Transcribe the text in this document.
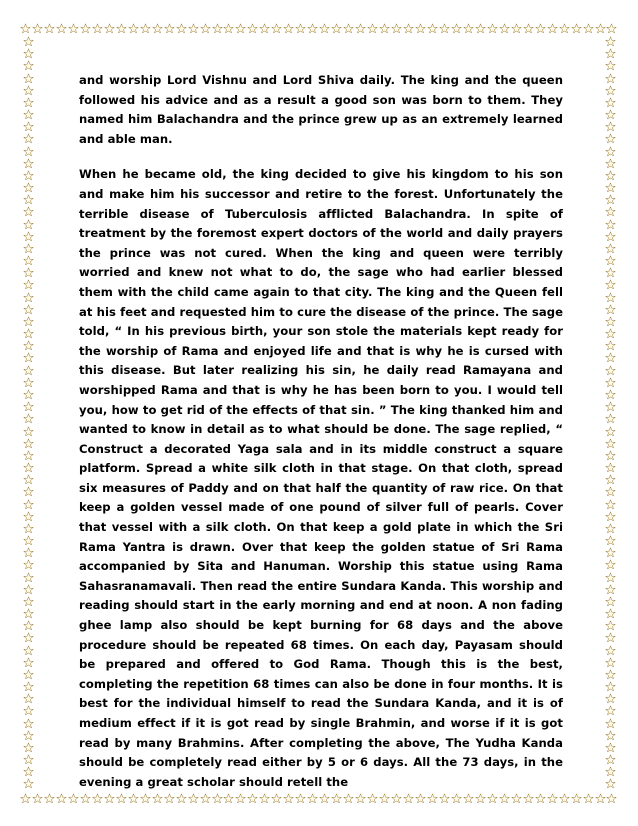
and worship Lord Vishnu and Lord Shiva daily. The king and the queen followed his advice and as a result a good son was born to them. They named him Balachandra and the prince grew up as an extremely learned and able man.

When he became old, the king decided to give his kingdom to his son and make him his successor and retire to the forest. Unfortunately the terrible disease of Tuberculosis afflicted Balachandra. In spite of treatment by the foremost expert doctors of the world and daily prayers the prince was not cured. When the king and queen were terribly worried and knew not what to do, the sage who had earlier blessed them with the child came again to that city. The king and the Queen fell at his feet and requested him to cure the disease of the prince. The sage told, “ In his previous birth, your son stole the materials kept ready for the worship of Rama and enjoyed life and that is why he is cursed with this disease. But later realizing his sin, he daily read Ramayana and worshipped Rama and that is why he has been born to you. I would tell you, how to get rid of the effects of that sin. ” The king thanked him and wanted to know in detail as to what should be done. The sage replied, “ Construct a decorated Yaga sala and in its middle construct a square platform. Spread a white silk cloth in that stage. On that cloth, spread six measures of Paddy and on that half the quantity of raw rice. On that keep a golden vessel made of one pound of silver full of pearls. Cover that vessel with a silk cloth. On that keep a gold plate in which the Sri Rama Yantra is drawn. Over that keep the golden statue of Sri Rama accompanied by Sita and Hanuman. Worship this statue using Rama Sahasranamavali. Then read the entire Sundara Kanda. This worship and reading should start in the early morning and end at noon. A non fading ghee lamp also should be kept burning for 68 days and the above procedure should be repeated 68 times. On each day, Payasam should be prepared and offered to God Rama. Though this is the best, completing the repetition 68 times can also be done in four months. It is best for the individual himself to read the Sundara Kanda, and it is of medium effect if it is got read by single Brahmin, and worse if it is got read by many Brahmins. After completing the above, The Yudha Kanda should be completely read either by 5 or 6 days. All the 73 days, in the evening a great scholar should retell the
